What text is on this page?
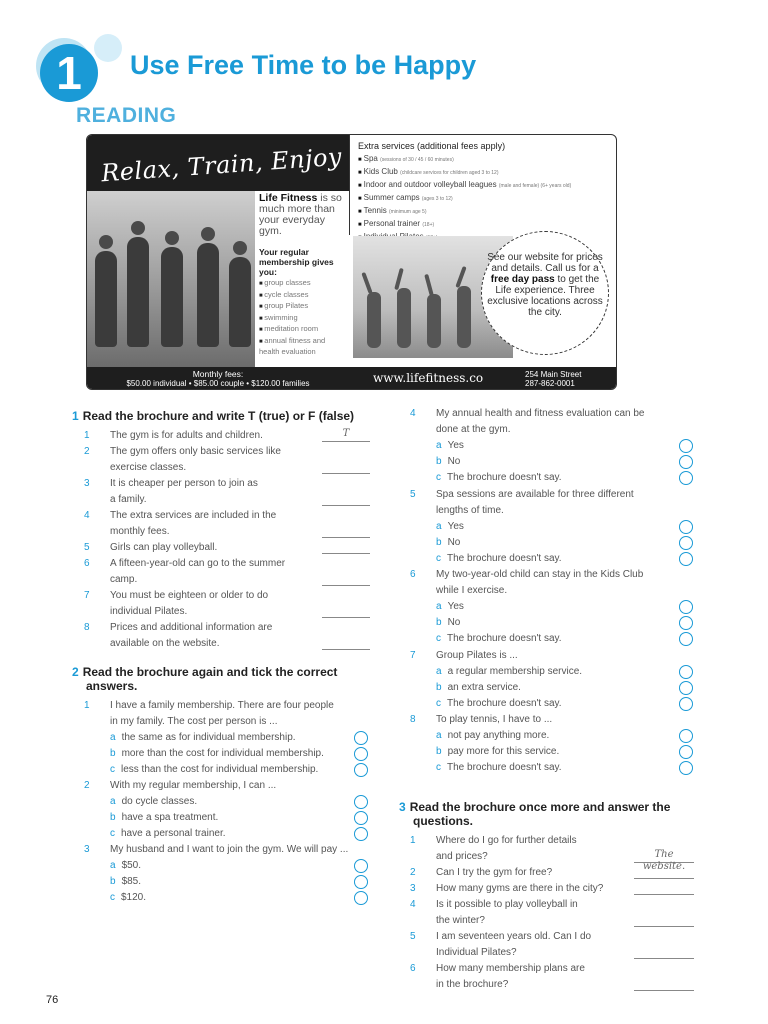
1	Use Free Time to be Happy
READING
Relax, Train, Enjoy
Life Fitness is so much more than your everyday gym.
Your regular membership gives you:
■ group classes
■ cycle classes
■ group Pilates
■ swimming
■ meditation room
■ annual fitness and health evaluation
Extra services (additional fees apply)
■ Spa (sessions of 30 / 45 / 60 minutes)
■ Kids Club (childcare services for children aged 3 to 12)
■ Indoor and outdoor volleyball leagues (male and female) (6+ years old)
■ Summer camps (ages 3 to 12)
■ Tennis (minimum age 5)
■ Personal trainer (18+)
■
See our website for prices and details. Call us for a free day pass to get the Life experience. Three exclusive locations across the city.
Monthly fees:
$50.00 individual • $85.00 couple • $120.00 families	www.lifefitness.co	254 Main Street
287-862-0001
1 Read the brochure and write T (true) or F (false)
1	The gym is for adults and children.	T
2	The gym offers only basic services like
exercise classes.
3	It is cheaper per person to join as
a family.
4	The extra services are included in the
monthly fees.
5	Girls can play volleyball.
6	A fifteen-year-old can go to the summer
camp.
7	You must be eighteen or older to do
individual Pilates.
8	Prices and additional information are
available on the website.
2 Read the brochure again and tick the correct
answers.
1	I have a family membership. There are four people
in my family. The cost per person is ...
a the same as for individual membership.
b more than the cost for individual membership.
c less than the cost for individual membership.
2	With my regular membership, I can ...
a do cycle classes.
b have a spa treatment.
c have a personal trainer.
3	My husband and I want to join the gym. We will pay ...
a $50.
b $85.
c $120.
4	My annual health and fitness evaluation can be
done at the gym.
a Yes
b No
c The brochure doesn't say.
5	Spa sessions are available for three different
lengths of time.
a Yes
b No
c The brochure doesn't say.
6	My two-year-old child can stay in the Kids Club
while I exercise.
a Yes
b No
c The brochure doesn't say.
7	Group Pilates is ...
a a regular membership service.
b an extra service.
c The brochure doesn't say.
8	To play tennis, I have to ...
a not pay anything more.
b pay more for this service.
c The brochure doesn't say.
3 Read the brochure once more and answer the
questions.
1	Where do I go for further details
and prices?	The website.
2	Can I try the gym for free?
3	How many gyms are there in the city?
4	Is it possible to play volleyball in
the winter?
5	I am seventeen years old. Can I do
Individual Pilates?
6	How many membership plans are
in the brochure?
76
